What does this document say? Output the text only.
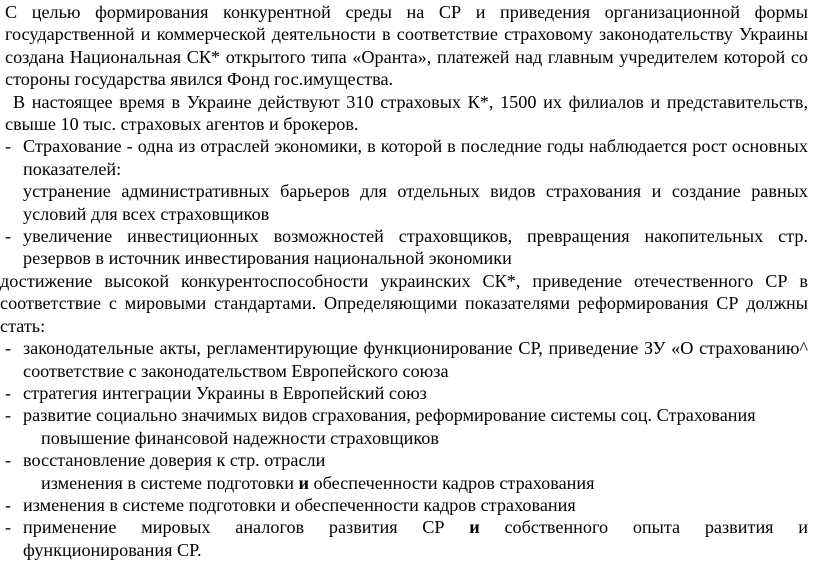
С целью формирования конкурентной среды на СР и приведения организационной формы государственной и коммерческой деятельности в соответствие страховому законодательству Украины создана Национальная СК* открытого типа «Оранта», платежей над главным учредителем которой со стороны государства явился Фонд гос.имущества.

В настоящее время в Украине действуют 310 страховых К*, 1500 их филиалов и представительств, свыше 10 тыс. страховых агентов и брокеров.

- Страхование - одна из отраслей экономики, в которой в последние годы наблюдается рост основных показателей:

устранение административных барьеров для отдельных видов страхования и создание равных условий для всех страховщиков

- увеличение инвестиционных возможностей страховщиков, превращения накопительных стр. резервов в источник инвестирования национальной экономики

достижение высокой конкурентоспособности украинских СК*, приведение отечественного СР в соответствие с мировыми стандартами. Определяющими показателями реформирования СР должны стать:

- законодательные акты, регламентирующие функционирование СР, приведение ЗУ «О страхованию^ соответствие с законодательством Европейского союза
- стратегия интеграции Украины в Европейский союз
- развитие социально значимых видов сграхования, реформирование системы соц. Страхования

повышение финансовой надежности страховщиков

- восстановление доверия к стр. отрасли

изменения в системе подготовки и обеспеченности кадров страхования

- изменения в системе подготовки и обеспеченности кадров страхования
- применение мировых аналогов развития СР и собственного опыта развития и
функционирования СР.
